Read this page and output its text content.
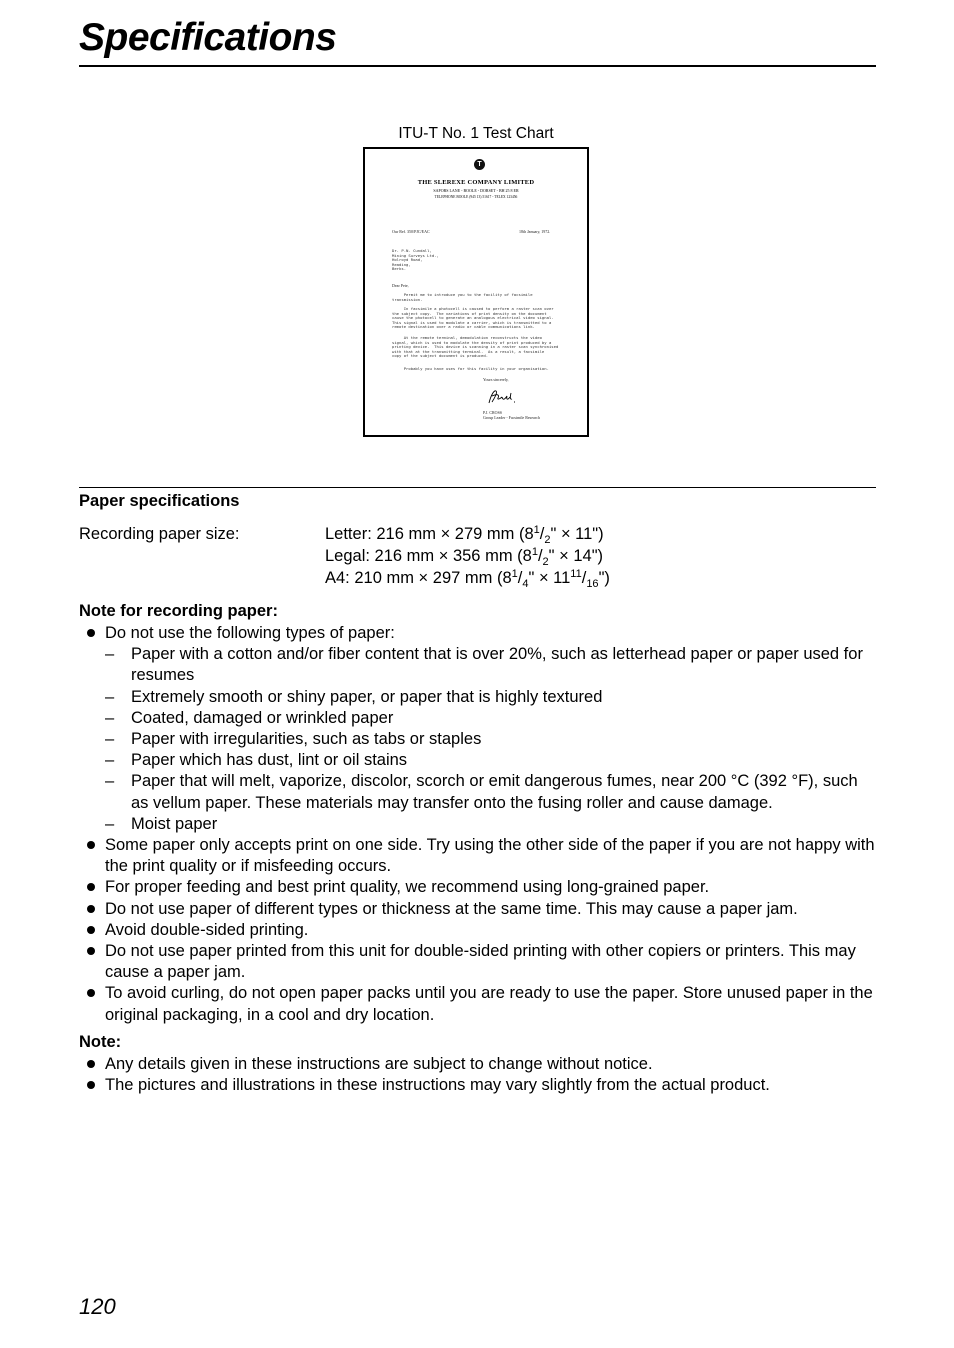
Specifications
ITU-T No. 1 Test Chart
T
THE SLEREXE COMPANY LIMITED
SAPORS LANE - BOOLE - DORSET - BH 25 8 ER
TELEPHONE BOOLE (945 13) 51617 - TELEX 123456
Our Ref. 350/PJC/EAC	18th January, 1972.
Dr. P.N. Cundall,
Mining Surveys Ltd.,
Holroyd Road,
Reading,
Berks.
Dear Pete,
Permit me to introduce you to the facility of facsimile
transmission.
In facsimile a photocell is caused to perform a raster scan over
the subject copy.  The variations of print density on the document
cause the photocell to generate an analogous electrical video signal.
This signal is used to modulate a carrier, which is transmitted to a
remote destination over a radio or cable communications link.
At the remote terminal, demodulation reconstructs the video
signal, which is used to modulate the density of print produced by a
printing device.  This device is scanning in a raster scan synchronised
with that at the transmitting terminal.  As a result, a facsimile
copy of the subject document is produced.
Probably you have uses for this facility in your organisation.
Yours sincerely,
P.J. CROSS
Group Leader - Facsimile Research
Paper specifications
Recording paper size:	Letter: 216 mm × 279 mm ($8^1/_2$" × 11")
Legal: 216 mm × 356 mm ($8^1/_2$" × 14")
A4: 210 mm × 297 mm ($8^1/_4$" × $11^{11}/_{16}$")
Note for recording paper:
Do not use the following types of paper:
– Paper with a cotton and/or fiber content that is over 20%, such as letterhead paper or paper used for resumes
– Extremely smooth or shiny paper, or paper that is highly textured
– Coated, damaged or wrinkled paper
– Paper with irregularities, such as tabs or staples
– Paper which has dust, lint or oil stains
– Paper that will melt, vaporize, discolor, scorch or emit dangerous fumes, near 200 °C (392 °F), such as vellum paper. These materials may transfer onto the fusing roller and cause damage.
– Moist paper
Some paper only accepts print on one side. Try using the other side of the paper if you are not happy with the print quality or if misfeeding occurs.
For proper feeding and best print quality, we recommend using long-grained paper.
Do not use paper of different types or thickness at the same time. This may cause a paper jam.
Avoid double-sided printing.
Do not use paper printed from this unit for double-sided printing with other copiers or printers. This may cause a paper jam.
To avoid curling, do not open paper packs until you are ready to use the paper. Store unused paper in the original packaging, in a cool and dry location.
Note:
Any details given in these instructions are subject to change without notice.
The pictures and illustrations in these instructions may vary slightly from the actual product.
120
